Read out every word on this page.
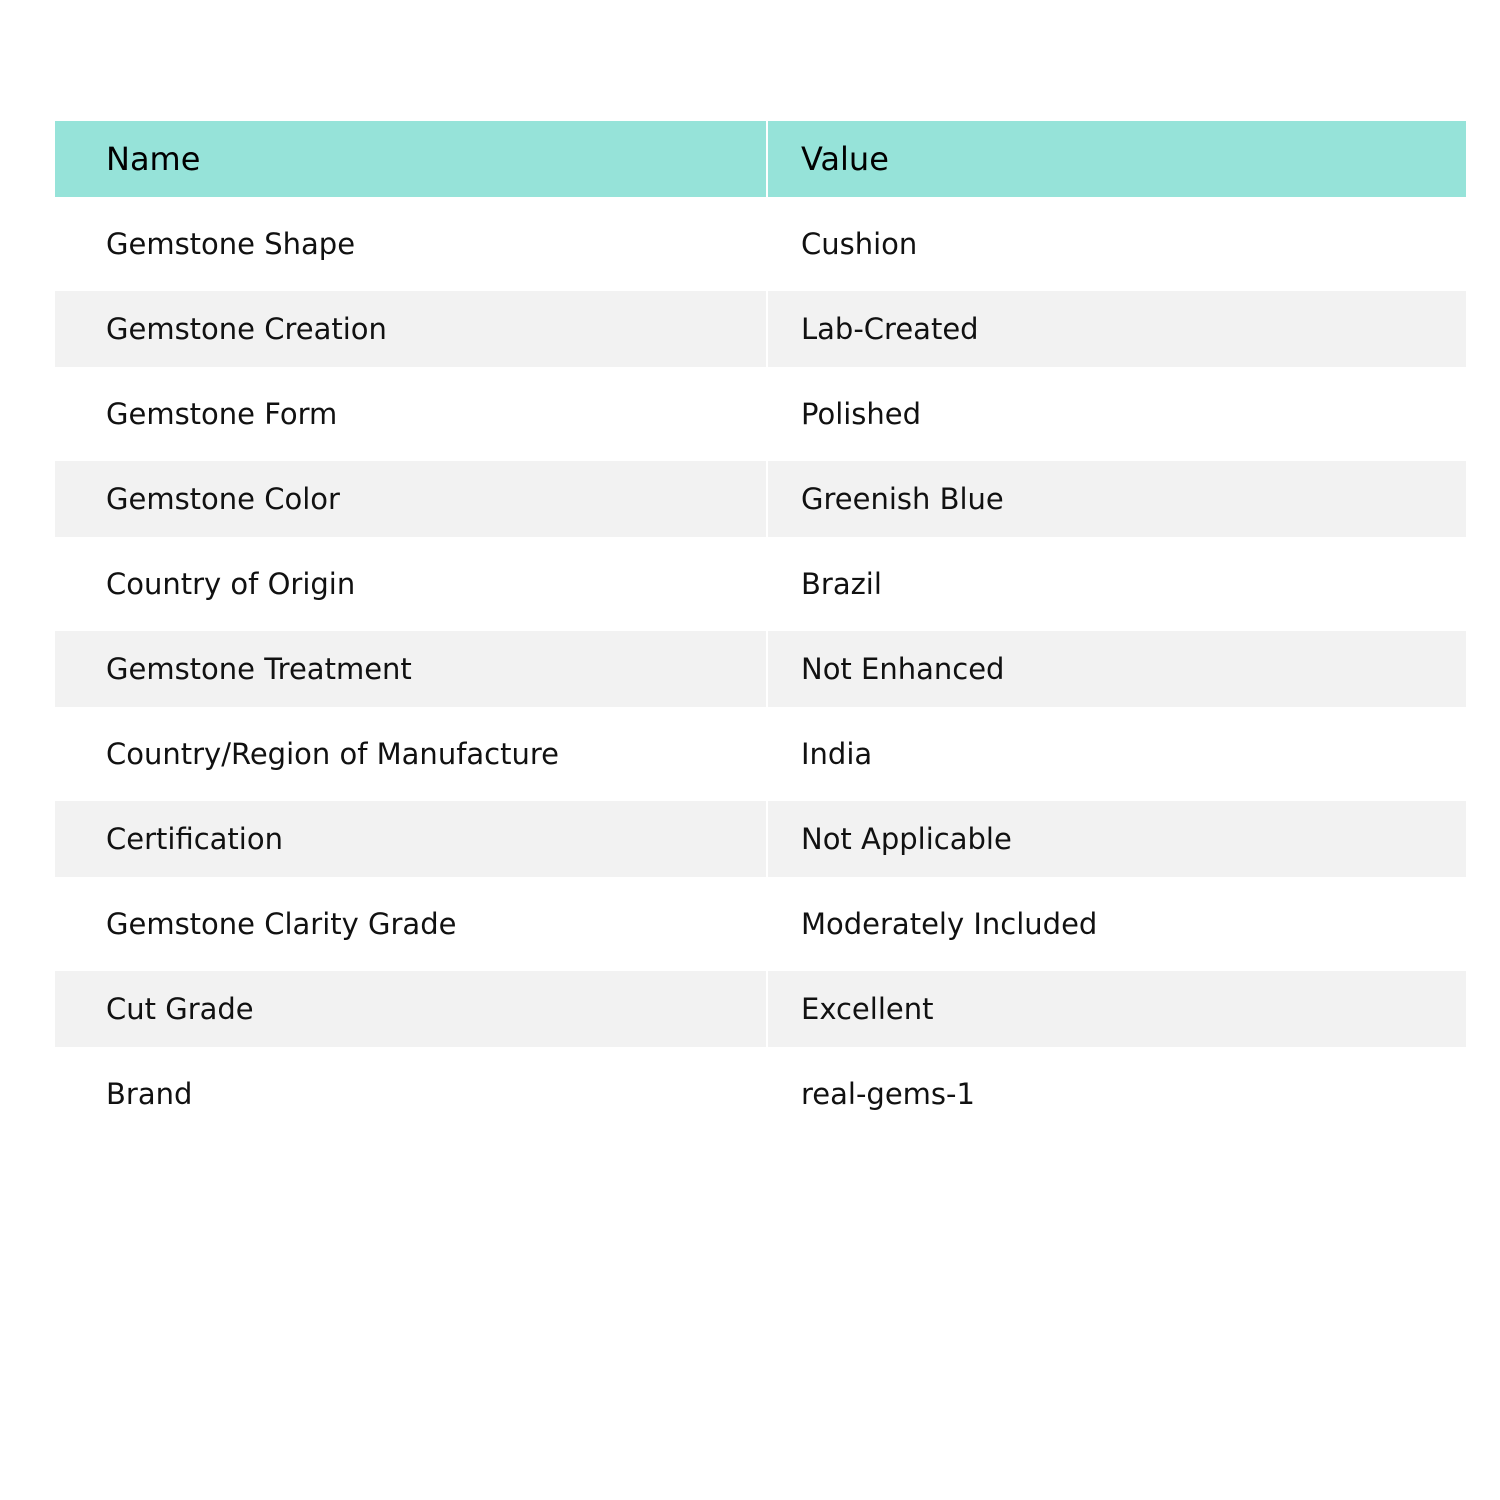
Name	Value
Gemstone Shape	Cushion
Gemstone Creation	Lab-Created
Gemstone Form	Polished
Gemstone Color	Greenish Blue
Country of Origin	Brazil
Gemstone Treatment	Not Enhanced
Country/Region of Manufacture	India
Certification	Not Applicable
Gemstone Clarity Grade	Moderately Included
Cut Grade	Excellent
Brand	real-gems-1
